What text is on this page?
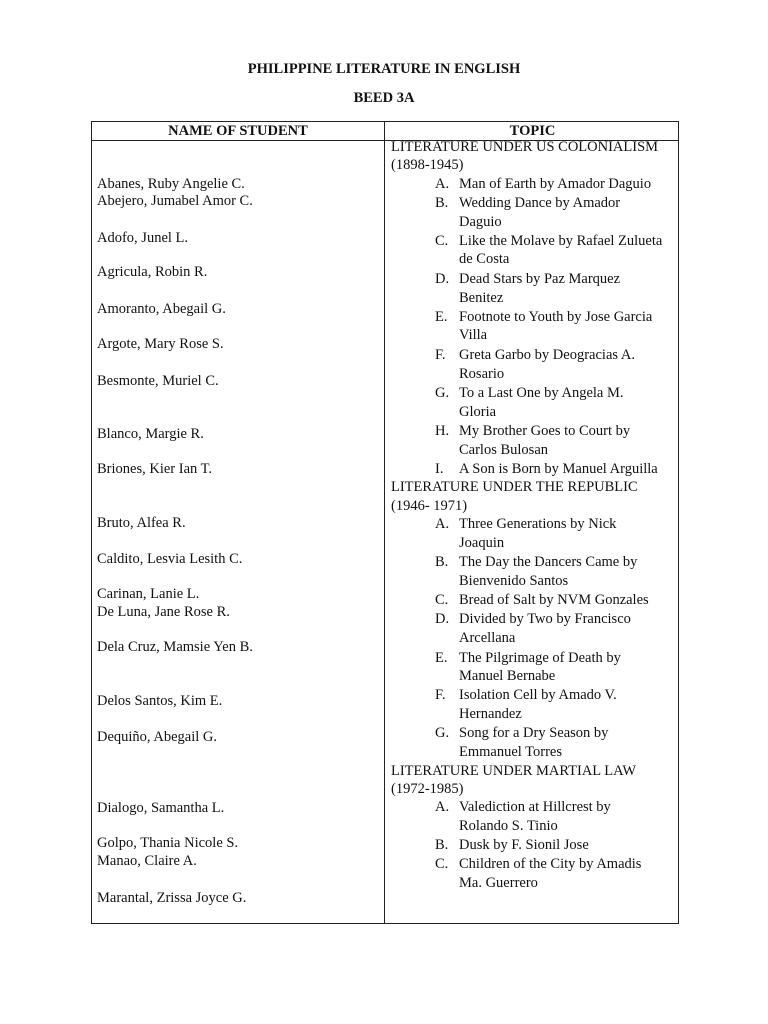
PHILIPPINE LITERATURE IN ENGLISH
BEED 3A
NAME OF STUDENT	TOPIC
Abanes, Ruby Angelie C.
Abejero, Jumabel Amor C.
Adofo, Junel L.
Agricula, Robin R.
Amoranto, Abegail G.
Argote, Mary Rose S.
Besmonte, Muriel C.
Blanco, Margie R.
Briones, Kier Ian T.
Bruto, Alfea R.
Caldito, Lesvia Lesith C.
Carinan, Lanie L.
De Luna, Jane Rose R.
Dela Cruz, Mamsie Yen B.
Delos Santos, Kim E.
Dequiño, Abegail G.
Dialogo, Samantha L.
Golpo, Thania Nicole S.
Manao, Claire A.
Marantal, Zrissa Joyce G.
LITERATURE UNDER US COLONIALISM
(1898-1945)
A. Man of Earth by Amador Daguio
B. Wedding Dance by Amador
Daguio
C. Like the Molave by Rafael Zulueta
de Costa
D. Dead Stars by Paz Marquez
Benitez
E. Footnote to Youth by Jose Garcia
Villa
F. Greta Garbo by Deogracias A.
Rosario
G. To a Last One by Angela M.
Gloria
H. My Brother Goes to Court by
Carlos Bulosan
I. A Son is Born by Manuel Arguilla
LITERATURE UNDER THE REPUBLIC
(1946- 1971)
A. Three Generations by Nick
Joaquin
B. The Day the Dancers Came by
Bienvenido Santos
C. Bread of Salt by NVM Gonzales
D. Divided by Two by Francisco
Arcellana
E. The Pilgrimage of Death by
Manuel Bernabe
F. Isolation Cell by Amado V.
Hernandez
G. Song for a Dry Season by
Emmanuel Torres
LITERATURE UNDER MARTIAL LAW
(1972-1985)
A. Valediction at Hillcrest by
Rolando S. Tinio
B. Dusk by F. Sionil Jose
C. Children of the City by Amadis
Ma. Guerrero
